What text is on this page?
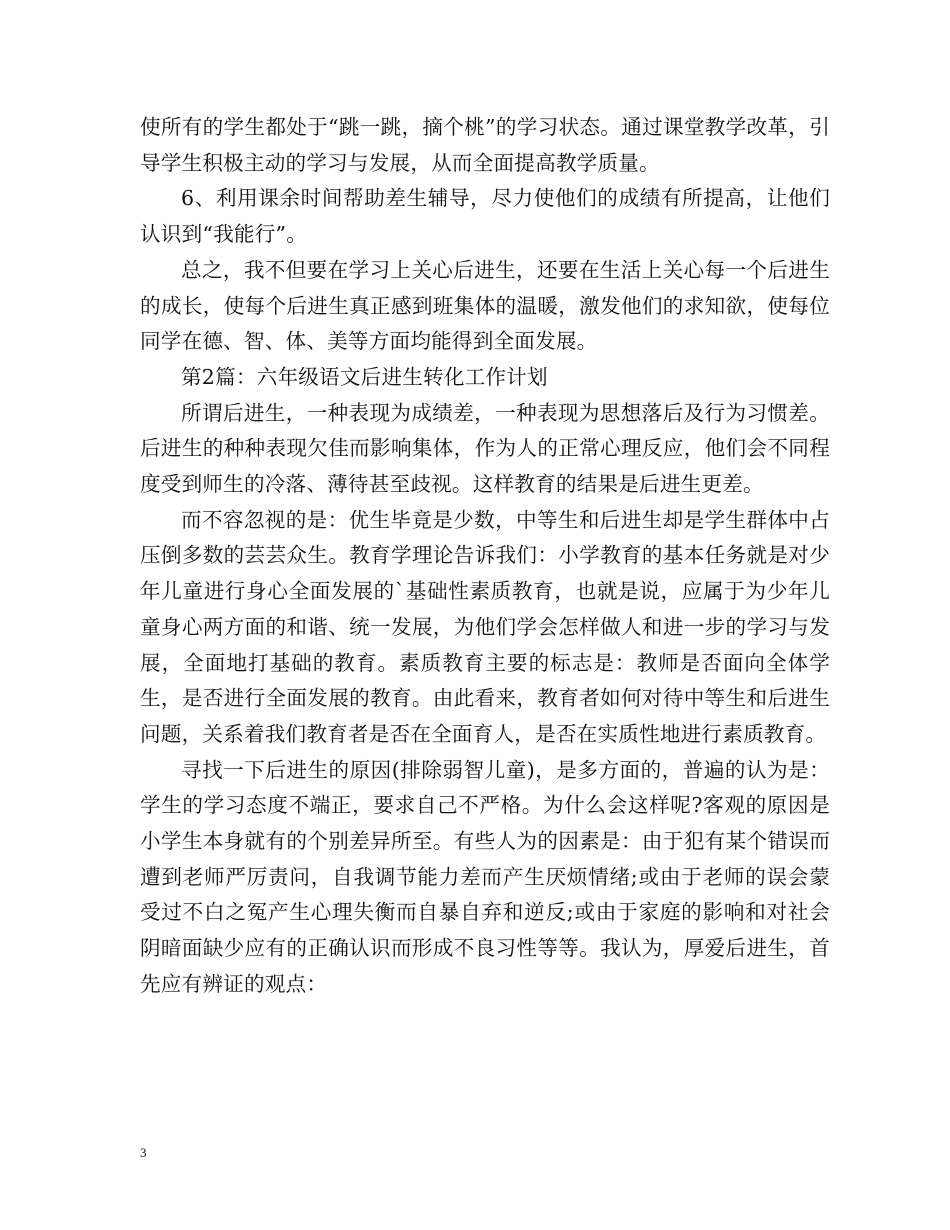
使所有的学生都处于“跳一跳，摘个桃”的学习状态。通过课堂教学改革，引导学生积极主动的学习与发展，从而全面提高教学质量。

6、利用课余时间帮助差生辅导，尽力使他们的成绩有所提高，让他们认识到“我能行”。

总之，我不但要在学习上关心后进生，还要在生活上关心每一个后进生的成长，使每个后进生真正感到班集体的温暖，激发他们的求知欲，使每位同学在德、智、体、美等方面均能得到全面发展。

第2篇：六年级语文后进生转化工作计划

所谓后进生，一种表现为成绩差，一种表现为思想落后及行为习惯差。后进生的种种表现欠佳而影响集体，作为人的正常心理反应，他们会不同程度受到师生的冷落、薄待甚至歧视。这样教育的结果是后进生更差。

而不容忽视的是：优生毕竟是少数，中等生和后进生却是学生群体中占压倒多数的芸芸众生。教育学理论告诉我们：小学教育的基本任务就是对少年儿童进行身心全面发展的`基础性素质教育，也就是说，应属于为少年儿童身心两方面的和谐、统一发展，为他们学会怎样做人和进一步的学习与发展，全面地打基础的教育。素质教育主要的标志是：教师是否面向全体学生，是否进行全面发展的教育。由此看来，教育者如何对待中等生和后进生问题，关系着我们教育者是否在全面育人，是否在实质性地进行素质教育。

寻找一下后进生的原因(排除弱智儿童)，是多方面的，普遍的认为是：学生的学习态度不端正，要求自己不严格。为什么会这样呢?客观的原因是小学生本身就有的个别差异所至。有些人为的因素是：由于犯有某个错误而遭到老师严厉责问，自我调节能力差而产生厌烦情绪;或由于老师的误会蒙受过不白之冤产生心理失衡而自暴自弃和逆反;或由于家庭的影响和对社会阴暗面缺少应有的正确认识而形成不良习性等等。我认为，厚爱后进生，首先应有辨证的观点：

3
